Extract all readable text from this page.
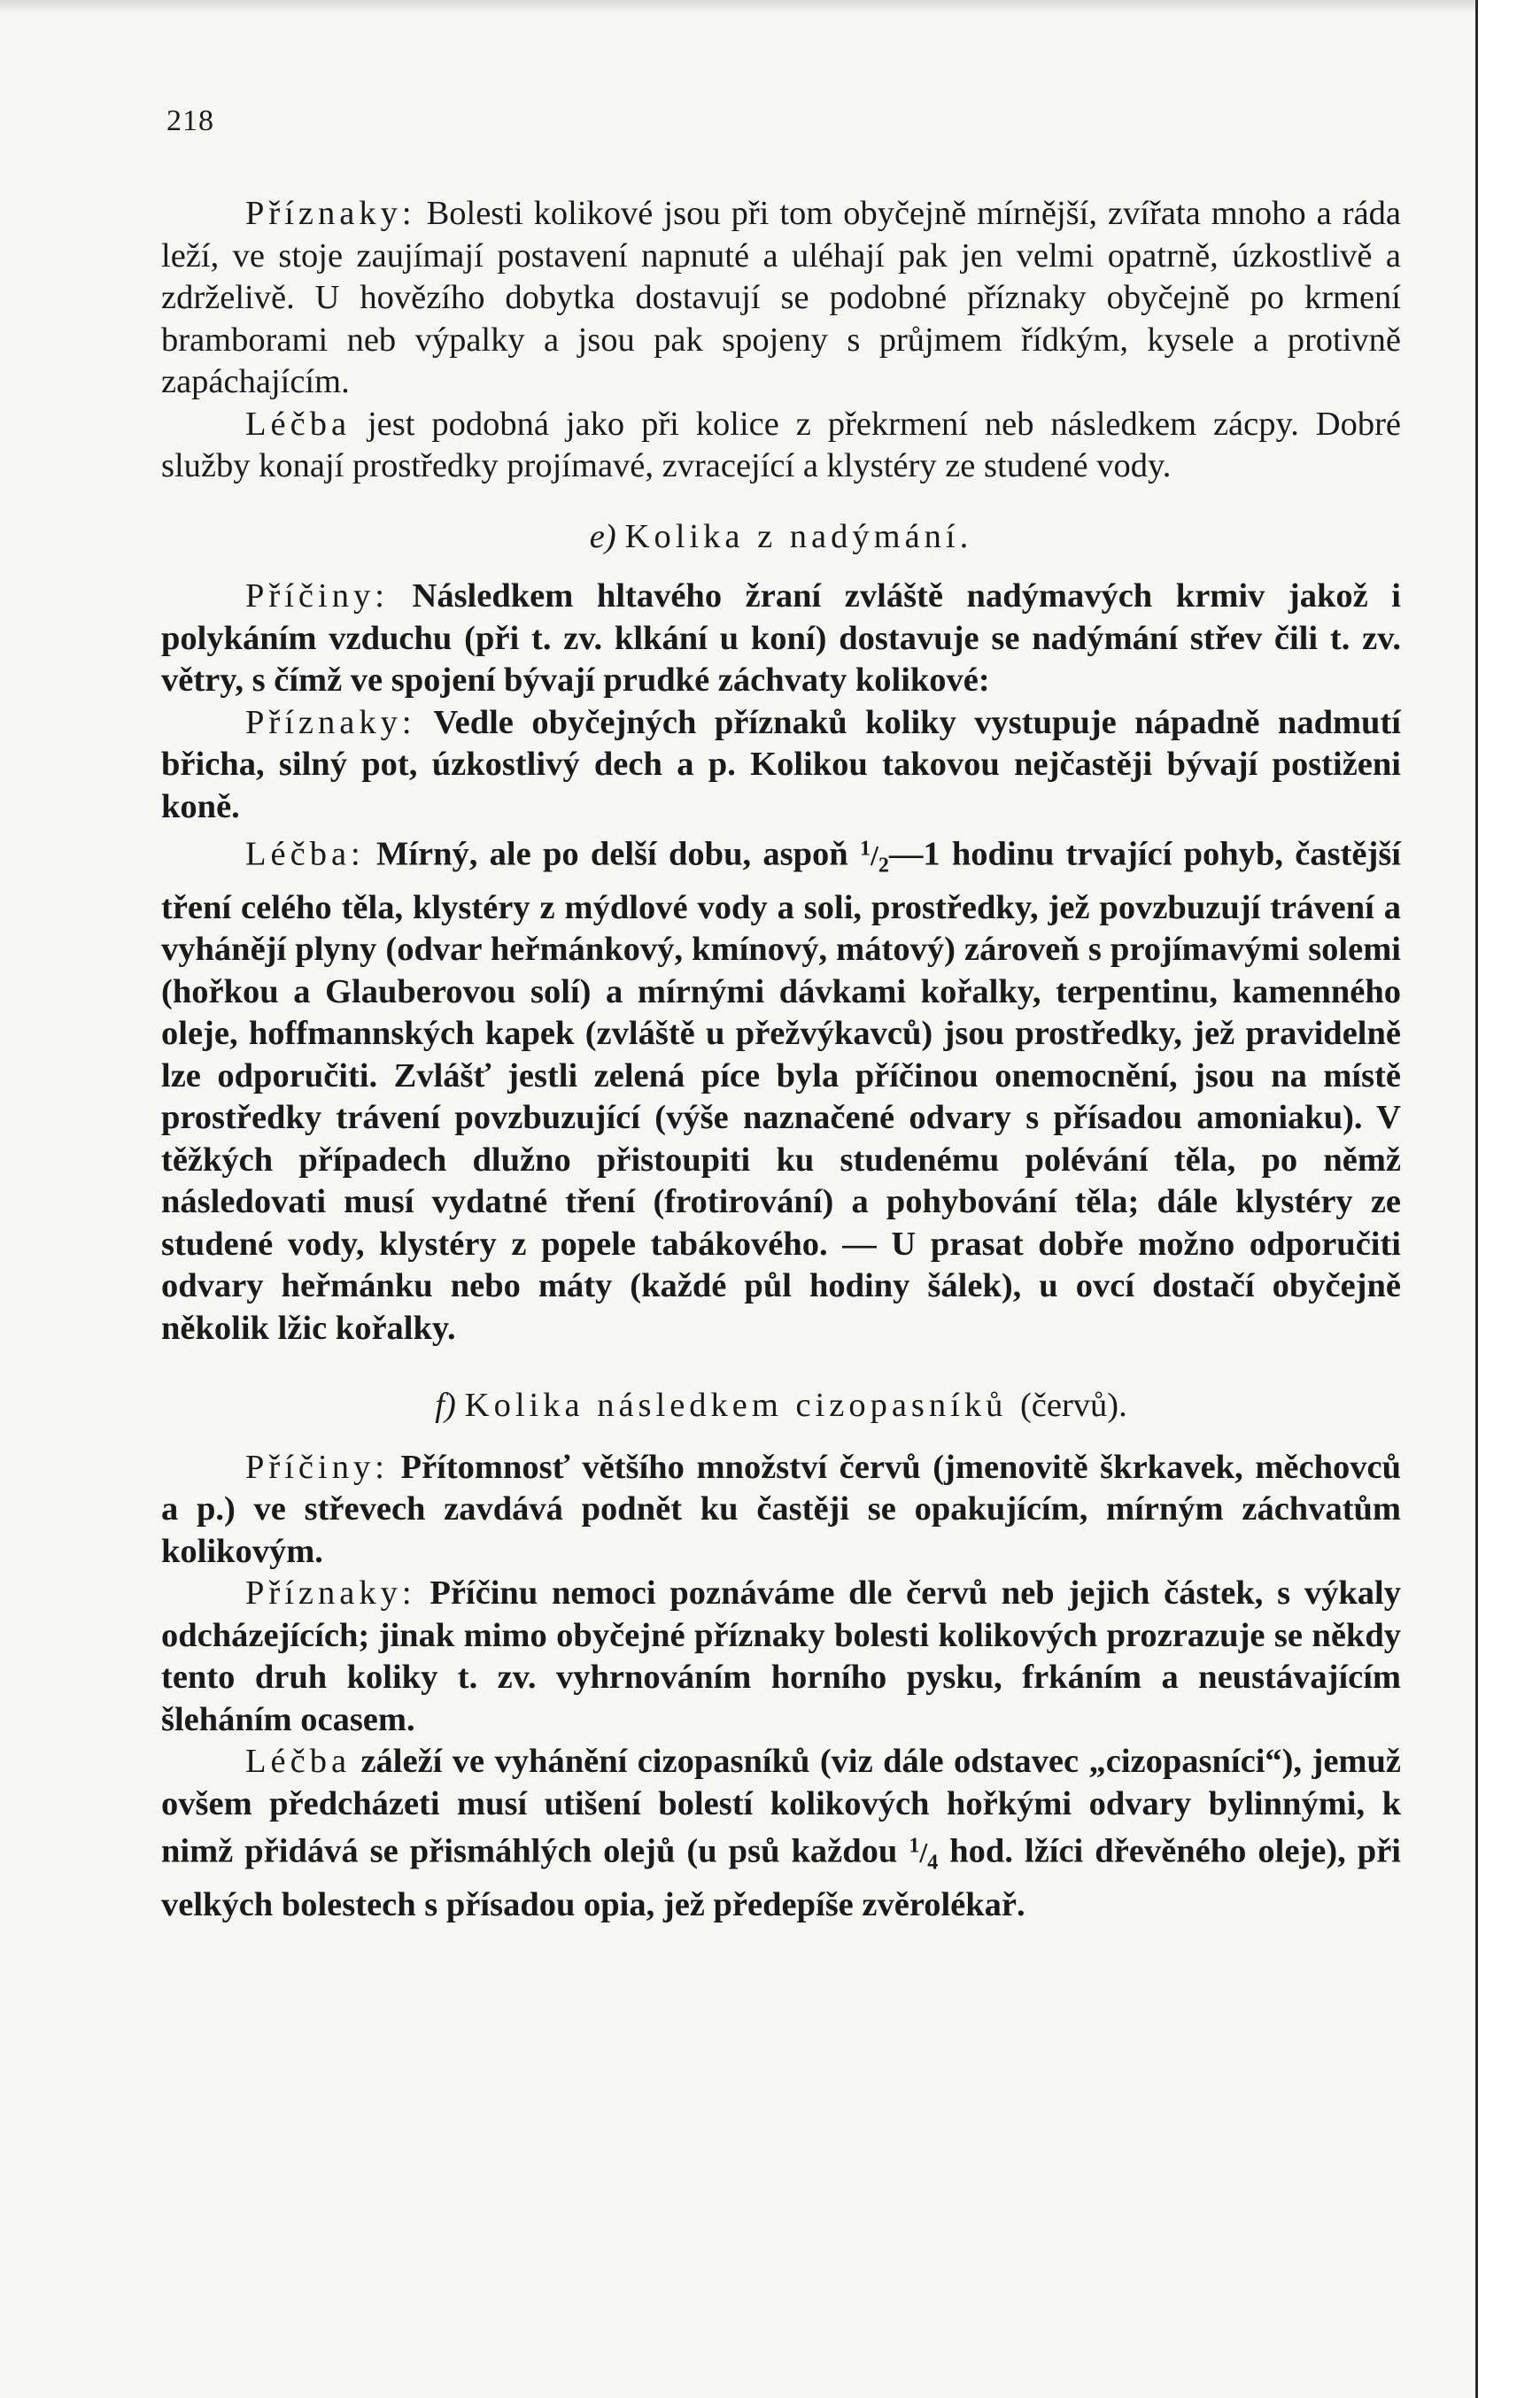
218

Příznaky: Bolesti kolikové jsou při tom obyčejně mírnější, zvířata mnoho a ráda leží, ve stoje zaujímají postavení napnuté a uléhají pak jen velmi opatrně, úzkostlivě a zdrželivě. U hovězího dobytka dostavují se podobné příznaky obyčejně po krmení bramborami neb výpalky a jsou pak spojeny s průjmem řídkým, kysele a protivně zapáchajícím.

Léčba jest podobná jako při kolice z překrmení neb následkem zácpy. Dobré služby konají prostředky projímavé, zvracející a klystéry ze studené vody.

e) Kolika z nadýmání.

Příčiny: Následkem hltavého žraní zvláště nadýmavých krmiv jakož i polykáním vzduchu (při t. zv. klkání u koní) dostavuje se nadýmání střev čili t. zv. větry, s čímž ve spojení bývají prudké záchvaty kolikové:

Příznaky: Vedle obyčejných příznaků koliky vystupuje nápadně nadmutí břicha, silný pot, úzkostlivý dech a p. Kolikou takovou nejčastěji bývají postiženi koně.

Léčba: Mírný, ale po delší dobu, aspoň $^1/_2—1$ hodinu trvající pohyb, častější tření celého těla, klystéry z mýdlové vody a soli, prostředky, jež povzbuzují trávení a vyhánějí plyny (odvar heřmánkový, kmínový, mátový) zároveň s projímavými solemi (hořkou a Glauberovou solí) a mírnými dávkami kořalky, terpentinu, kamenného oleje, hoffmannských kapek (zvláště u přežvýkavců) jsou prostředky, jež pravidelně lze odporučiti. Zvlášť jestli zelená píce byla příčinou onemocnění, jsou na místě prostředky trávení povzbuzující (výše naznačené odvary s přísadou amoniaku). V těžkých případech dlužno přistoupiti ku studenému polévání těla, po němž následovati musí vydatné tření (frotirování) a pohybování těla; dále klystéry ze studené vody, klystéry z popele tabákového. — U prasat dobře možno odporučiti odvary heřmánku nebo máty (každé půl hodiny šálek), u ovcí dostačí obyčejně několik lžic kořalky.

f) Kolika následkem cizopasníků (červů).

Příčiny: Přítomnosť většího množství červů (jmenovitě škrkavek, měchovců a p.) ve střevech zavdává podnět ku častěji se opakujícím, mírným záchvatům kolikovým.

Příznaky: Příčinu nemoci poznáváme dle červů neb jejich částek, s výkaly odcházejících; jinak mimo obyčejné příznaky bolesti kolikových prozrazuje se někdy tento druh koliky t. zv. vyhrnováním horního pysku, frkáním a neustávajícím šleháním ocasem.

Léčba záleží ve vyhánění cizopasníků (viz dále odstavec „cizopasníci“), jemuž ovšem předcházeti musí utišení bolestí kolikových hořkými odvary bylinnými, k nimž přidává se přismáhlých olejů (u psů každou $^1/_4$ hod. lžíci dřevěného oleje), při velkých bolestech s přísadou opia, jež předepíše zvěrolékař.
